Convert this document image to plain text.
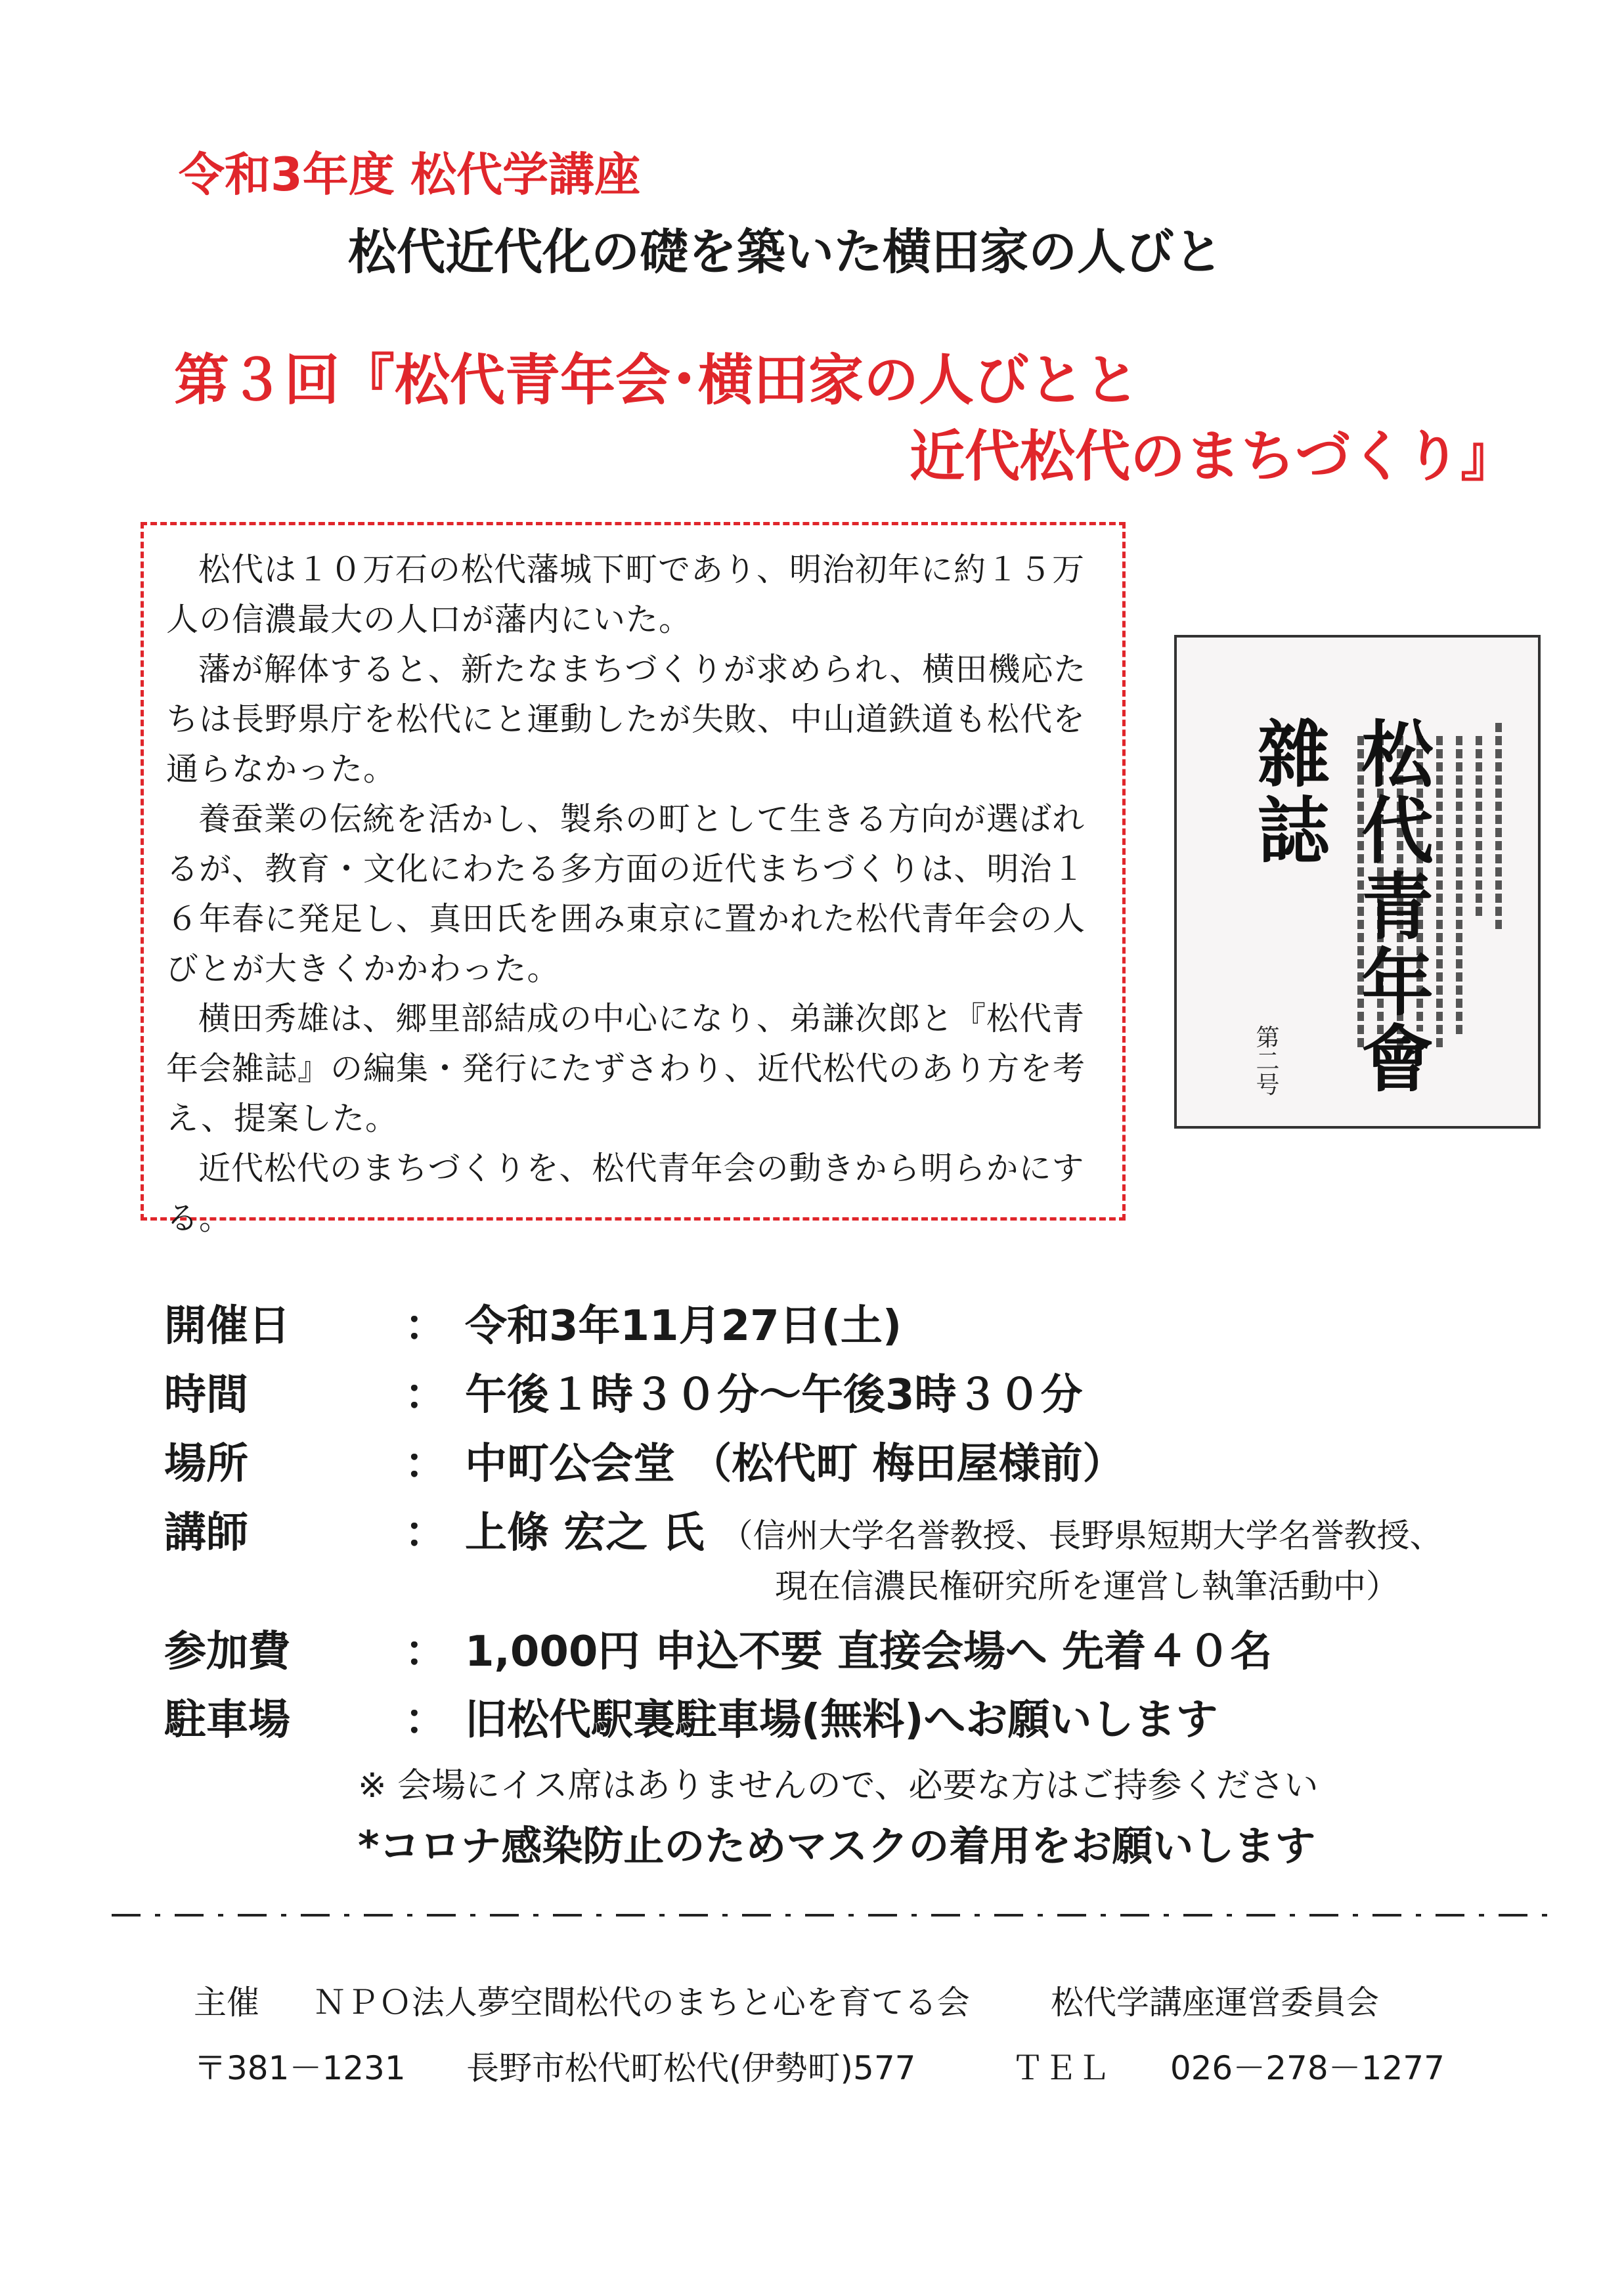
令和3年度 松代学講座
松代近代化の礎を築いた横田家の人びと
第３回『松代青年会･横田家の人びとと
近代松代のまちづくり』

松代は１０万石の松代藩城下町であり、明治初年に約１５万人の信濃最大の人口が藩内にいた。

藩が解体すると、新たなまちづくりが求められ、横田機応たちは長野県庁を松代にと運動したが失敗、中山道鉄道も松代を通らなかった。

養蚕業の伝統を活かし、製糸の町として生きる方向が選ばれるが、教育・文化にわたる多方面の近代まちづくりは、明治１６年春に発足し、真田氏を囲み東京に置かれた松代青年会の人びとが大きくかかわった。

横田秀雄は、郷里部結成の中心になり、弟謙次郎と『松代青年会雑誌』の編集・発行にたずさわり、近代松代のあり方を考え、提案した。

近代松代のまちづくりを、松代青年会の動きから明らかにする。

松代青年會雜誌
第二号
開催日	： 令和3年11月27日(土)
時間	： 午後１時３０分～午後3時３０分
場所	： 中町公会堂 （松代町 梅田屋様前）
講師	： 上條 宏之 氏 （信州大学名誉教授、長野県短期大学名誉教授、
現在信濃民権研究所を運営し執筆活動中）
参加費	： 1,000円 申込不要 直接会場へ 先着４０名
駐車場	： 旧松代駅裏駐車場(無料)へお願いします
※ 会場にイス席はありませんので、必要な方はご持参ください
*コロナ感染防止のためマスクの着用をお願いします
主催 ＮＰＯ法人夢空間松代のまちと心を育てる会 松代学講座運営委員会
〒381－1231 長野市松代町松代(伊勢町)577	ＴＥＬ 026－278－1277
